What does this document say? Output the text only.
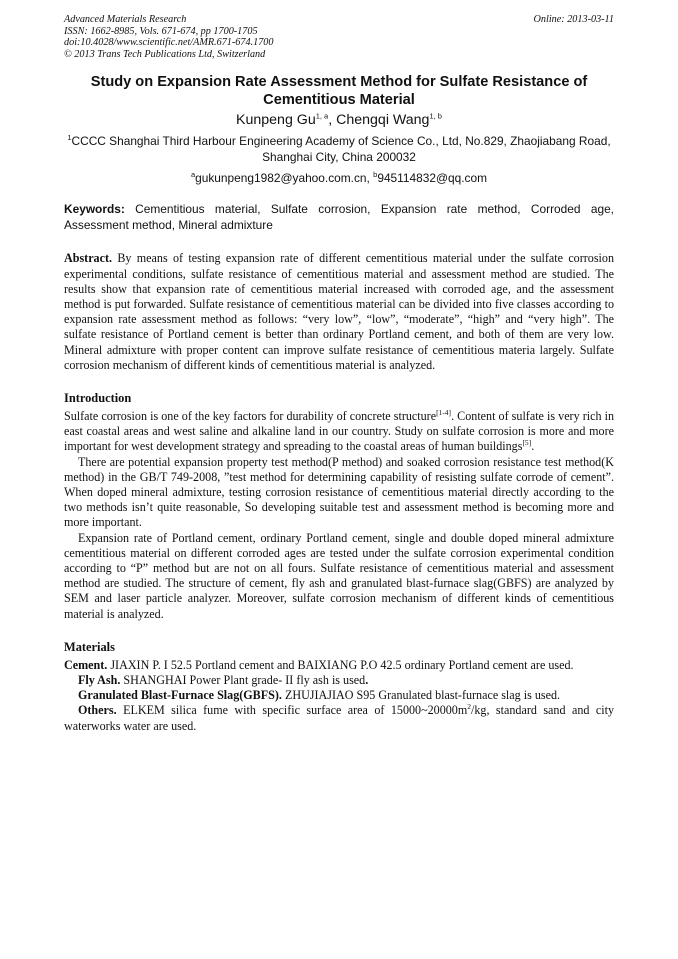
Advanced Materials Research	Online: 2013-03-11
ISSN: 1662-8985, Vols. 671-674, pp 1700-1705
doi:10.4028/www.scientific.net/AMR.671-674.1700
© 2013 Trans Tech Publications Ltd, Switzerland
Study on Expansion Rate Assessment Method for Sulfate Resistance of Cementitious Material
Kunpeng Gu$^{1, a}$, Chengqi Wang$^{1, b}$
$^1$CCCC Shanghai Third Harbour Engineering Academy of Science Co., Ltd, No.829, Zhaojiabang Road, Shanghai City, China 200032
$^a$gukunpeng1982@yahoo.com.cn, $^b$945114832@qq.com
Keywords: Cementitious material, Sulfate corrosion, Expansion rate method, Corroded age, Assessment method, Mineral admixture

Abstract. By means of testing expansion rate of different cementitious material under the sulfate corrosion experimental conditions, sulfate resistance of cementitious material and assessment method are studied. The results show that expansion rate of cementitious material increased with corroded age, and the assessment method is put forwarded. Sulfate resistance of cementitious material can be divided into five classes according to expansion rate assessment method as follows: “very low”, “low”, “moderate”, “high” and “very high”. The sulfate resistance of Portland cement is better than ordinary Portland cement, and both of them are very low. Mineral admixture with proper content can improve sulfate resistance of cementitious materia largely. Sulfate corrosion mechanism of different kinds of cementitious material is analyzed.

Introduction

Sulfate corrosion is one of the key factors for durability of concrete structure[1-4]. Content of sulfate is very rich in east coastal areas and west saline and alkaline land in our country. Study on sulfate corrosion is more and more important for west development strategy and spreading to the coastal areas of human buildings[5].

There are potential expansion property test method(P method) and soaked corrosion resistance test method(K method) in the GB/T 749-2008, ”test method for determining capability of resisting sulfate corrode of cement”. When doped mineral admixture, testing corrosion resistance of cementitious material directly according to the two methods isn’t quite reasonable, So developing suitable test and assessment method is becoming more and more important.

Expansion rate of Portland cement, ordinary Portland cement, single and double doped mineral admixture cementitious material on different corroded ages are tested under the sulfate corrosion experimental condition according to “P” method but are not on all fours. Sulfate resistance of cementitious material and assessment method are studied. The structure of cement, fly ash and granulated blast-furnace slag(GBFS) are analyzed by SEM and laser particle analyzer. Moreover, sulfate corrosion mechanism of different kinds of cementitious material is analyzed.

Materials

Cement. JIAXIN P. I 52.5 Portland cement and BAIXIANG P.O 42.5 ordinary Portland cement are used.

Fly Ash. SHANGHAI Power Plant grade- II fly ash is used.

Granulated Blast-Furnace Slag(GBFS). ZHUJIAJIAO S95 Granulated blast-furnace slag is used.

Others. ELKEM silica fume with specific surface area of $15000\sim 20000m^2/kg$, standard sand and city waterworks water are used.
